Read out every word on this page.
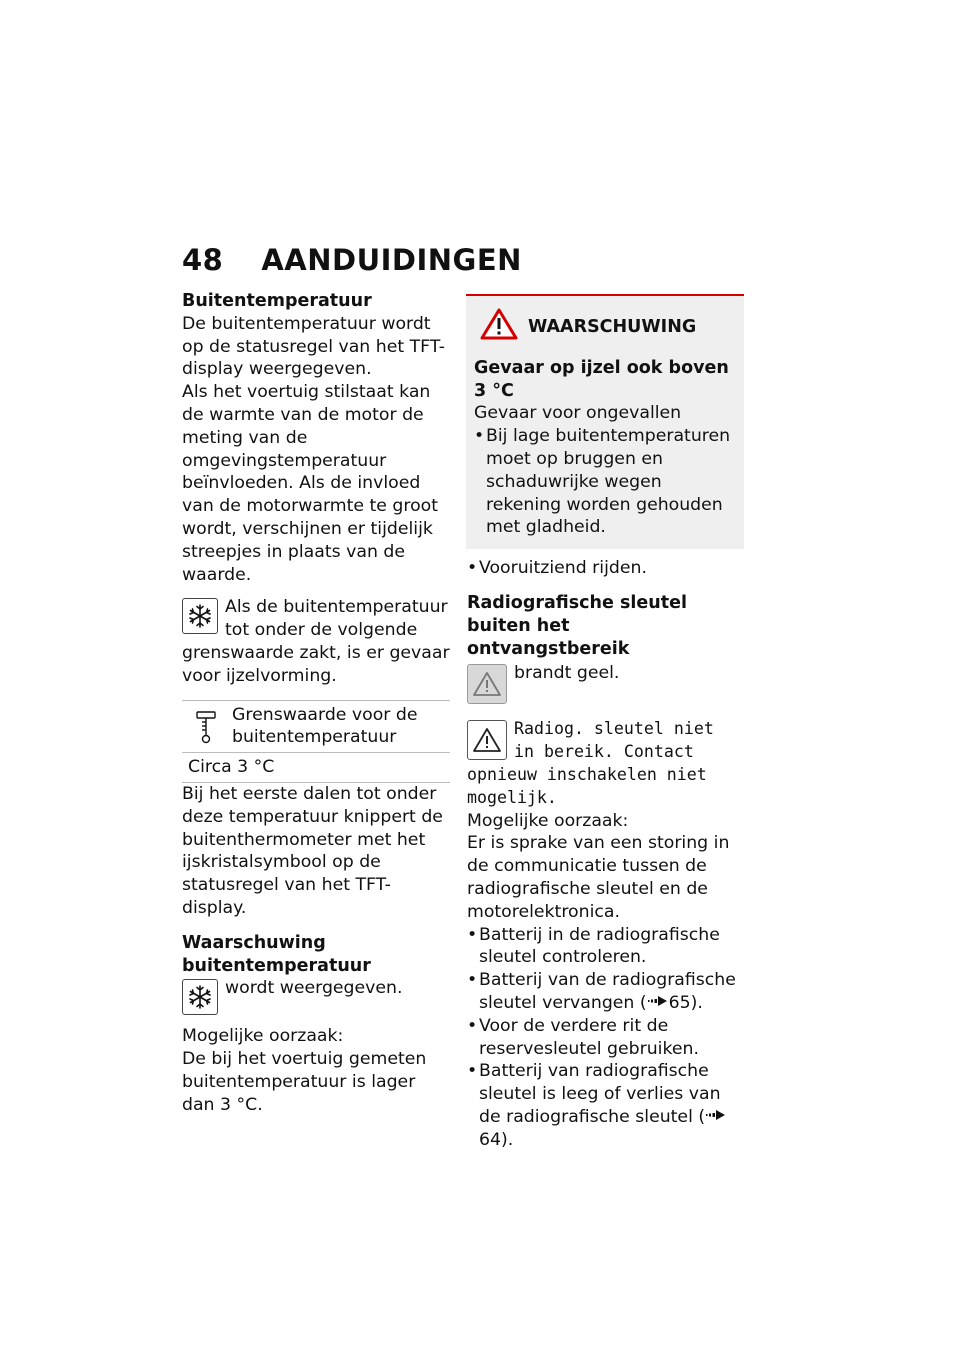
48 AANDUIDINGEN
Buitentemperatuur

De buitentemperatuur wordt op de statusregel van het TFT-display weergegeven.

Als het voertuig stilstaat kan de warmte van de motor de meting van de omgevingstemperatuur beïnvloeden. Als de invloed van de motorwarmte te groot wordt, verschijnen er tijdelijk streepjes in plaats van de waarde.

Als de buitentemperatuur tot onder de volgende grenswaarde zakt, is er gevaar voor ijzelvorming.

Grenswaarde voor de buitentemperatuur
Circa 3 °C

Bij het eerste dalen tot onder deze temperatuur knippert de buitenthermometer met het ijskristalsymbool op de statusregel van het TFT-display.

Waarschuwing buitentemperatuur

wordt weergegeven.

Mogelijke oorzaak:

De bij het voertuig gemeten buitentemperatuur is lager dan 3 °C.

WAARSCHUWING
Gevaar op ijzel ook boven 3 °C

Gevaar voor ongevallen

• Bij lage buitentemperaturen moet op bruggen en schaduwrijke wegen rekening worden gehouden met gladheid.

• Vooruitziend rijden.

Radiografische sleutel buiten het ontvangstbereik

brandt geel.

Radiog. sleutel niet in bereik. Contact opnieuw inschakelen niet mogelijk.

Mogelijke oorzaak:

Er is sprake van een storing in de communicatie tussen de radiografische sleutel en de motorelektronica.

• Batterij in de radiografische sleutel controleren.

• Batterij van de radiografische sleutel vervangen ( 65).

• Voor de verdere rit de reservesleutel gebruiken.

• Batterij van radiografische sleutel is leeg of verlies van de radiografische sleutel (64).
